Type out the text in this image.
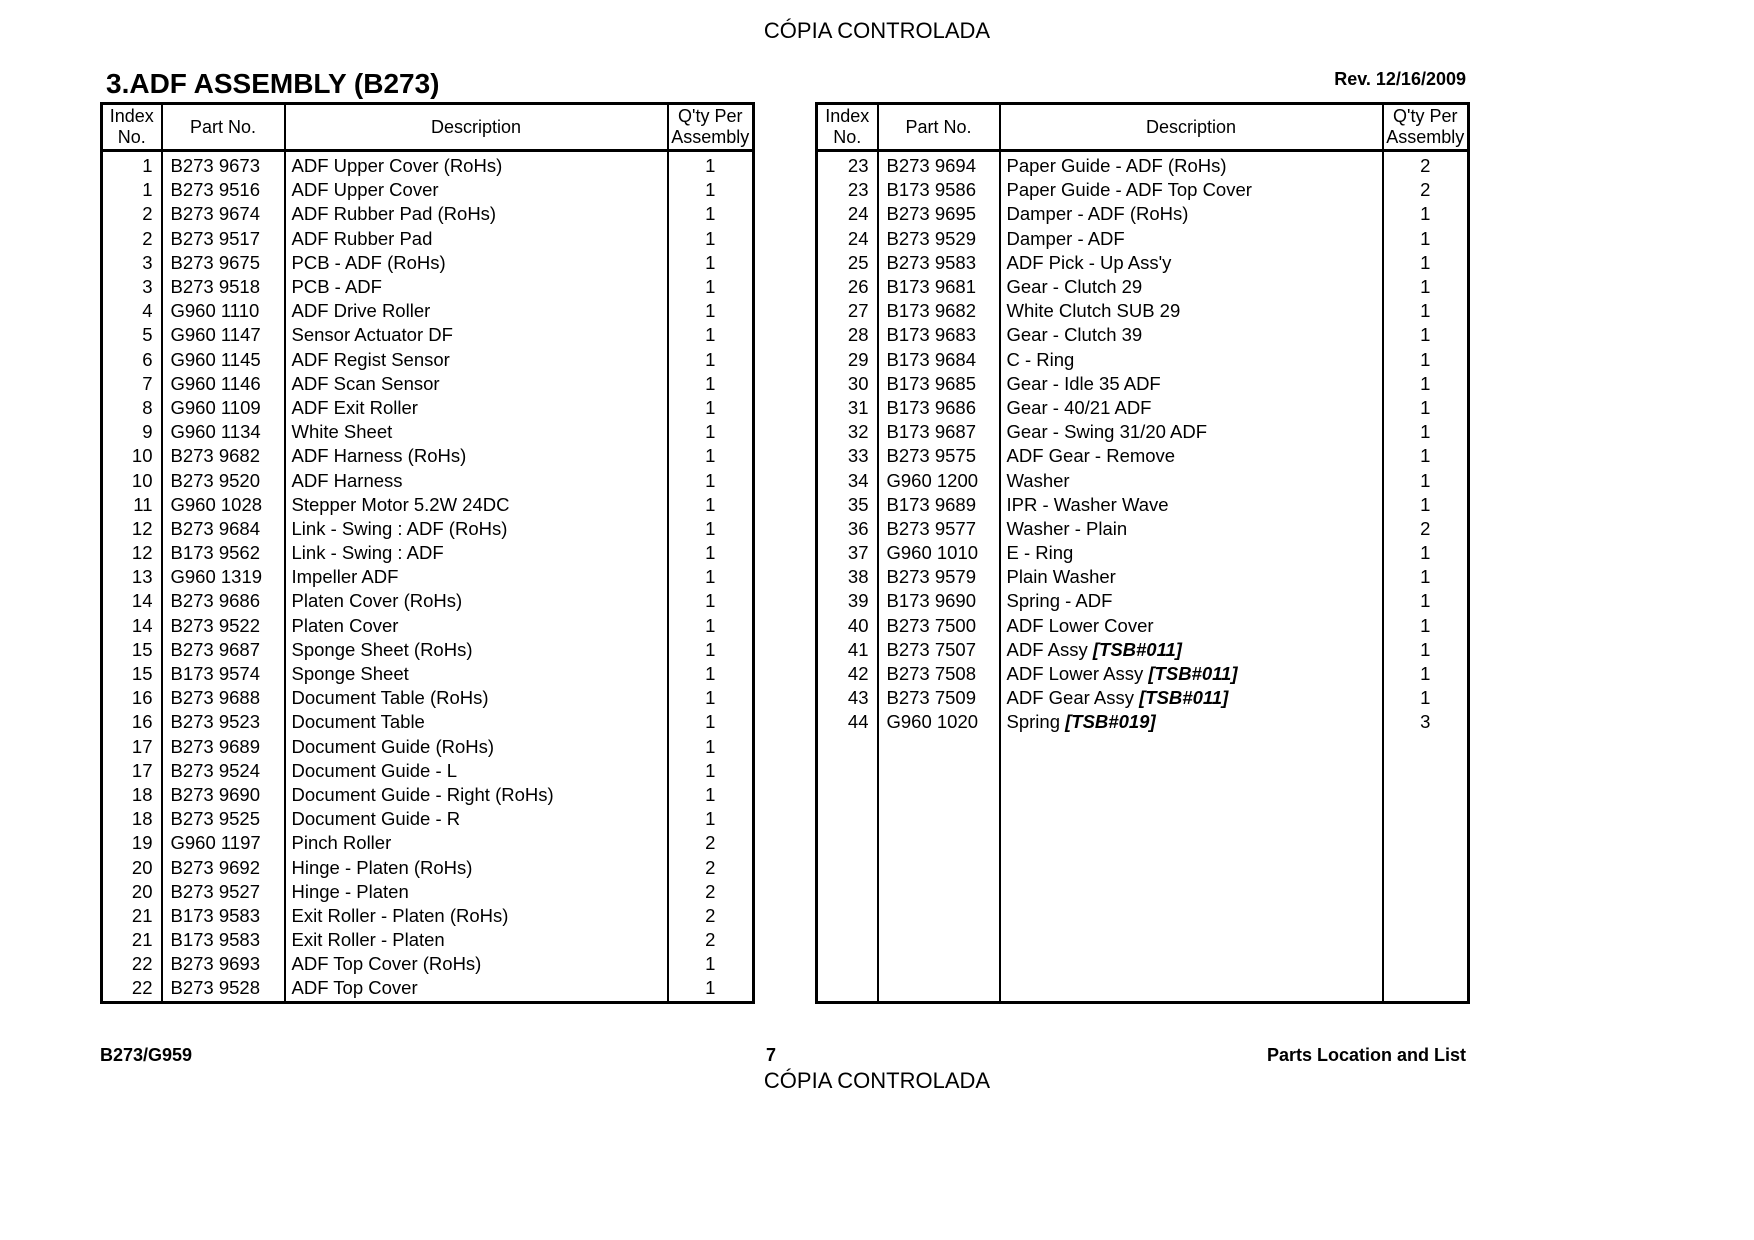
CÓPIA CONTROLADA
3.ADF ASSEMBLY (B273)	Rev. 12/16/2009
Index
No.	Part No.	Description	Q'ty Per
Assembly
1	B273 9673	ADF Upper Cover (RoHs)	1
1	B273 9516	ADF Upper Cover	1
2	B273 9674	ADF Rubber Pad (RoHs)	1
2	B273 9517	ADF Rubber Pad	1
3	B273 9675	PCB - ADF (RoHs)	1
3	B273 9518	PCB - ADF	1
4	G960 1110	ADF Drive Roller	1
5	G960 1147	Sensor Actuator DF	1
6	G960 1145	ADF Regist Sensor	1
7	G960 1146	ADF Scan Sensor	1
8	G960 1109	ADF Exit Roller	1
9	G960 1134	White Sheet	1
10	B273 9682	ADF Harness (RoHs)	1
10	B273 9520	ADF Harness	1
11	G960 1028	Stepper Motor 5.2W 24DC	1
12	B273 9684	Link - Swing : ADF (RoHs)	1
12	B173 9562	Link - Swing : ADF	1
13	G960 1319	Impeller ADF	1
14	B273 9686	Platen Cover (RoHs)	1
14	B273 9522	Platen Cover	1
15	B273 9687	Sponge Sheet (RoHs)	1
15	B173 9574	Sponge Sheet	1
16	B273 9688	Document Table (RoHs)	1
16	B273 9523	Document Table	1
17	B273 9689	Document Guide (RoHs)	1
17	B273 9524	Document Guide - L	1
18	B273 9690	Document Guide - Right (RoHs)	1
18	B273 9525	Document Guide - R	1
19	G960 1197	Pinch Roller	2
20	B273 9692	Hinge - Platen (RoHs)	2
20	B273 9527	Hinge - Platen	2
21	B173 9583	Exit Roller - Platen (RoHs)	2
21	B173 9583	Exit Roller - Platen	2
22	B273 9693	ADF Top Cover (RoHs)	1
22	B273 9528	ADF Top Cover	1
Index
No.	Part No.	Description	Q'ty Per
Assembly
23	B273 9694	Paper Guide - ADF (RoHs)	2
23	B173 9586	Paper Guide - ADF Top Cover	2
24	B273 9695	Damper - ADF (RoHs)	1
24	B273 9529	Damper - ADF	1
25	B273 9583	ADF Pick - Up Ass'y	1
26	B173 9681	Gear - Clutch 29	1
27	B173 9682	White Clutch SUB 29	1
28	B173 9683	Gear - Clutch 39	1
29	B173 9684	C - Ring	1
30	B173 9685	Gear - Idle 35 ADF	1
31	B173 9686	Gear - 40/21 ADF	1
32	B173 9687	Gear - Swing 31/20 ADF	1
33	B273 9575	ADF Gear - Remove	1
34	G960 1200	Washer	1
35	B173 9689	IPR - Washer Wave	1
36	B273 9577	Washer - Plain	2
37	G960 1010	E - Ring	1
38	B273 9579	Plain Washer	1
39	B173 9690	Spring - ADF	1
40	B273 7500	ADF Lower Cover	1
41	B273 7507	ADF Assy [TSB#011]	1
42	B273 7508	ADF Lower Assy [TSB#011]	1
43	B273 7509	ADF Gear Assy [TSB#011]	1
44	G960 1020	Spring [TSB#019]	3

B273/G959	7	Parts Location and List
CÓPIA CONTROLADA
